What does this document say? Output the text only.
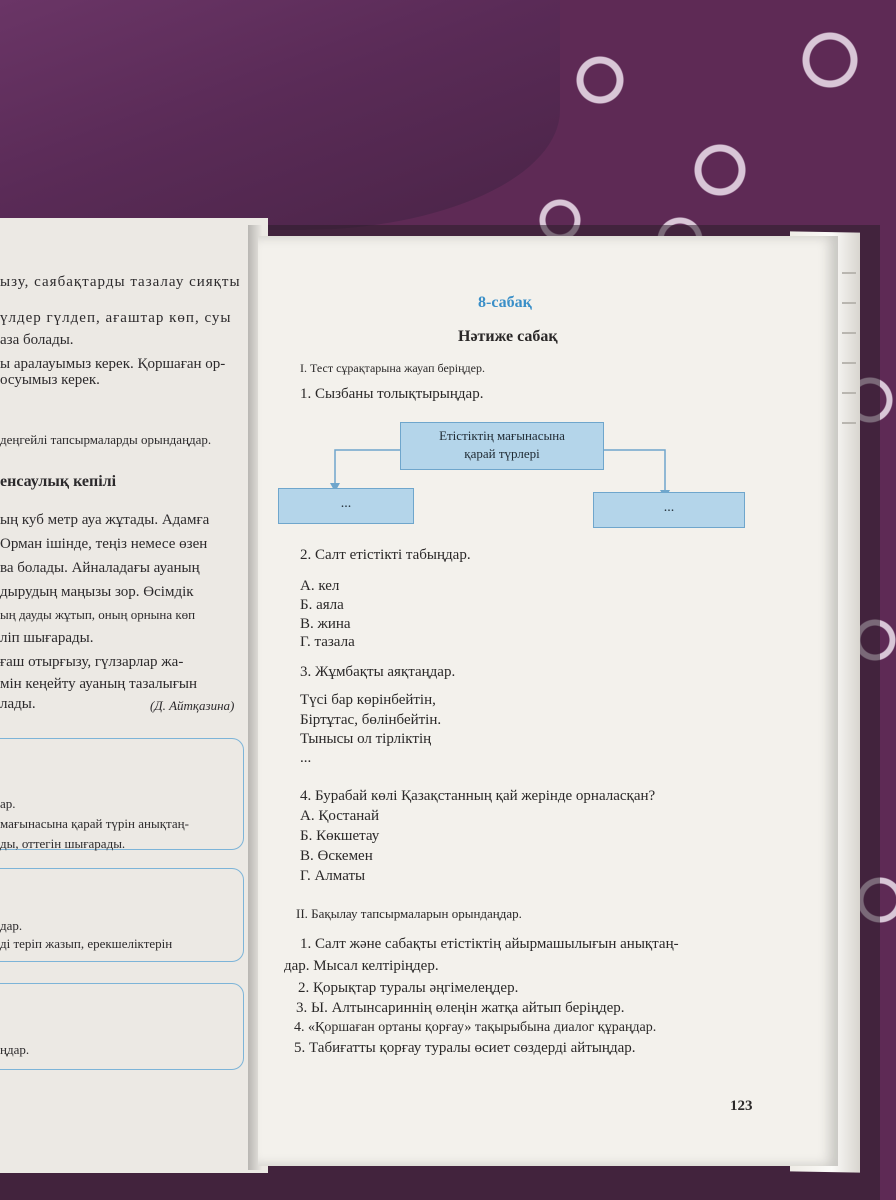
ызу, саябақтарды тазалау сияқты
үлдер гүлдеп, ағаштар көп, суы
аза болады.
ы аралауымыз керек. Қоршаған ор-
осуымыз керек.
деңгейлі тапсырмаларды орындаңдар.
енсаулық кепілі
ың куб метр ауа жұтады. Адамға
Орман ішінде, теңіз немесе өзен
ва болады. Айналадағы ауаның
дырудың маңызы зор. Өсімдік
ың дауды жұтып, оның орнына көп
ліп шығарады.
ғаш отырғызу, гүлзарлар жа-
мін кеңейту ауаның тазалығын
лады.	(Д. Айтқазина)
ар.
мағынасына қарай түрін анықтаң-
ды, оттегін шығарады.
дар.
ді теріп жазып, ерекшеліктерін
ңдар.
8-сабақ
Нәтиже сабақ
I. Тест сұрақтарына жауап беріңдер.
1. Сызбаны толықтырыңдар.
Етістіктің мағынасына
қарай түрлері
...	...
2. Салт етістікті табыңдар.
А. кел
Б. аяла
В. жина
Г. тазала
3. Жұмбақты аяқтаңдар.
Түсі бар көрінбейтін,
Біртұтас, бөлінбейтін.
Тынысы ол тірліктің
...
4. Бурабай көлі Қазақстанның қай жерінде орналасқан?
А. Қостанай
Б. Көкшетау
В. Өскемен
Г. Алматы
II. Бақылау тапсырмаларын орындаңдар.
1. Салт және сабақты етістіктің айырмашылығын анықтаң-
дар. Мысал келтіріңдер.
2. Қорықтар туралы әңгімелеңдер.
3. Ы. Алтынсариннің өлеңін жатқа айтып беріңдер.
4. «Қоршаған ортаны қорғау» тақырыбына диалог құраңдар.
5. Табиғатты қорғау туралы өсиет сөздерді айтыңдар.
123
